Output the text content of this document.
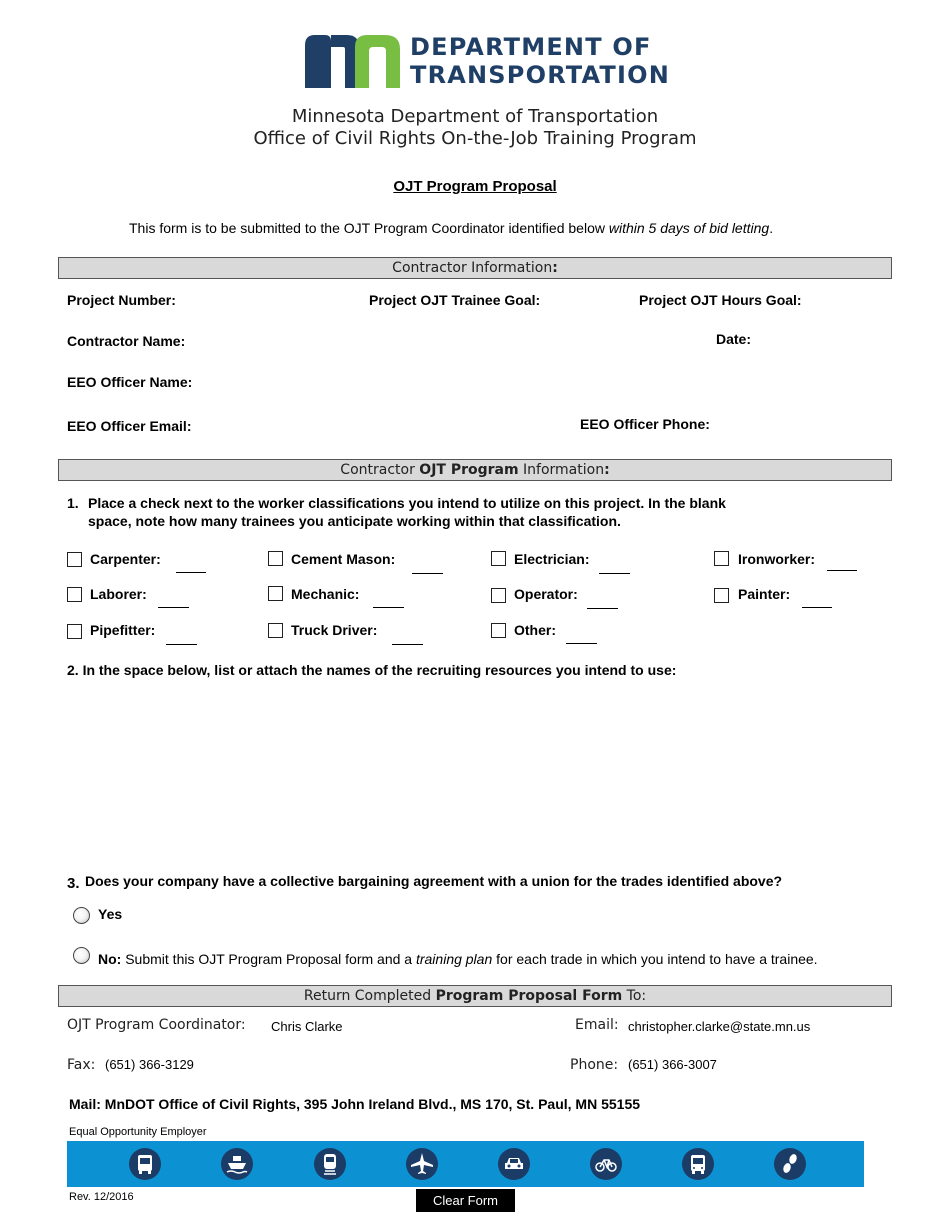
DEPARTMENT OF
TRANSPORTATION
Minnesota Department of Transportation
Office of Civil Rights On-the-Job Training Program
OJT Program Proposal
This form is to be submitted to the OJT Program Coordinator identified below within 5 days of bid letting.
Contractor Information:
Project Number:	Project OJT Trainee Goal:	Project OJT Hours Goal:
Contractor Name:	Date:
EEO Officer Name:
EEO Officer Email:	EEO Officer Phone:
Contractor OJT Program Information:
1. Place a check next to the worker classifications you intend to utilize on this project. In the blank
space, note how many trainees you anticipate working within that classification.
Carpenter:	Cement Mason:	Electrician:	Ironworker:
Laborer:	Mechanic:	Operator:	Painter:
Pipefitter:	Truck Driver:	Other:
2. In the space below, list or attach the names of the recruiting resources you intend to use:
3. Does your company have a collective bargaining agreement with a union for the trades identified above?
Yes
No: Submit this OJT Program Proposal form and a training plan for each trade in which you intend to have a trainee.
Return Completed Program Proposal Form To:
OJT Program Coordinator: Chris Clarke	Email: christopher.clarke@state.mn.us
Fax: (651) 366-3129	Phone: (651) 366-3007
Mail: MnDOT Office of Civil Rights, 395 John Ireland Blvd., MS 170, St. Paul, MN 55155
Equal Opportunity Employer
Rev. 12/2016	Clear Form
